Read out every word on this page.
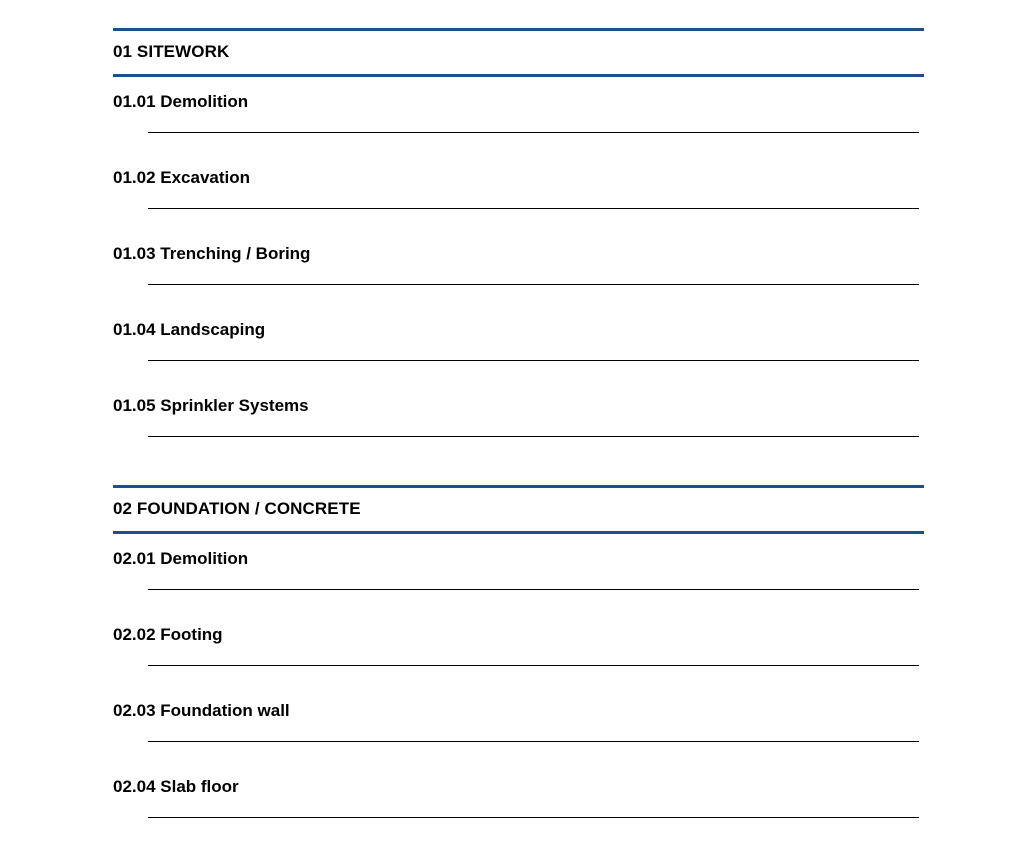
01 SITEWORK
01.01 Demolition
01.02 Excavation
01.03 Trenching / Boring
01.04 Landscaping
01.05 Sprinkler Systems
02 FOUNDATION / CONCRETE
02.01 Demolition
02.02 Footing
02.03 Foundation wall
02.04 Slab floor
